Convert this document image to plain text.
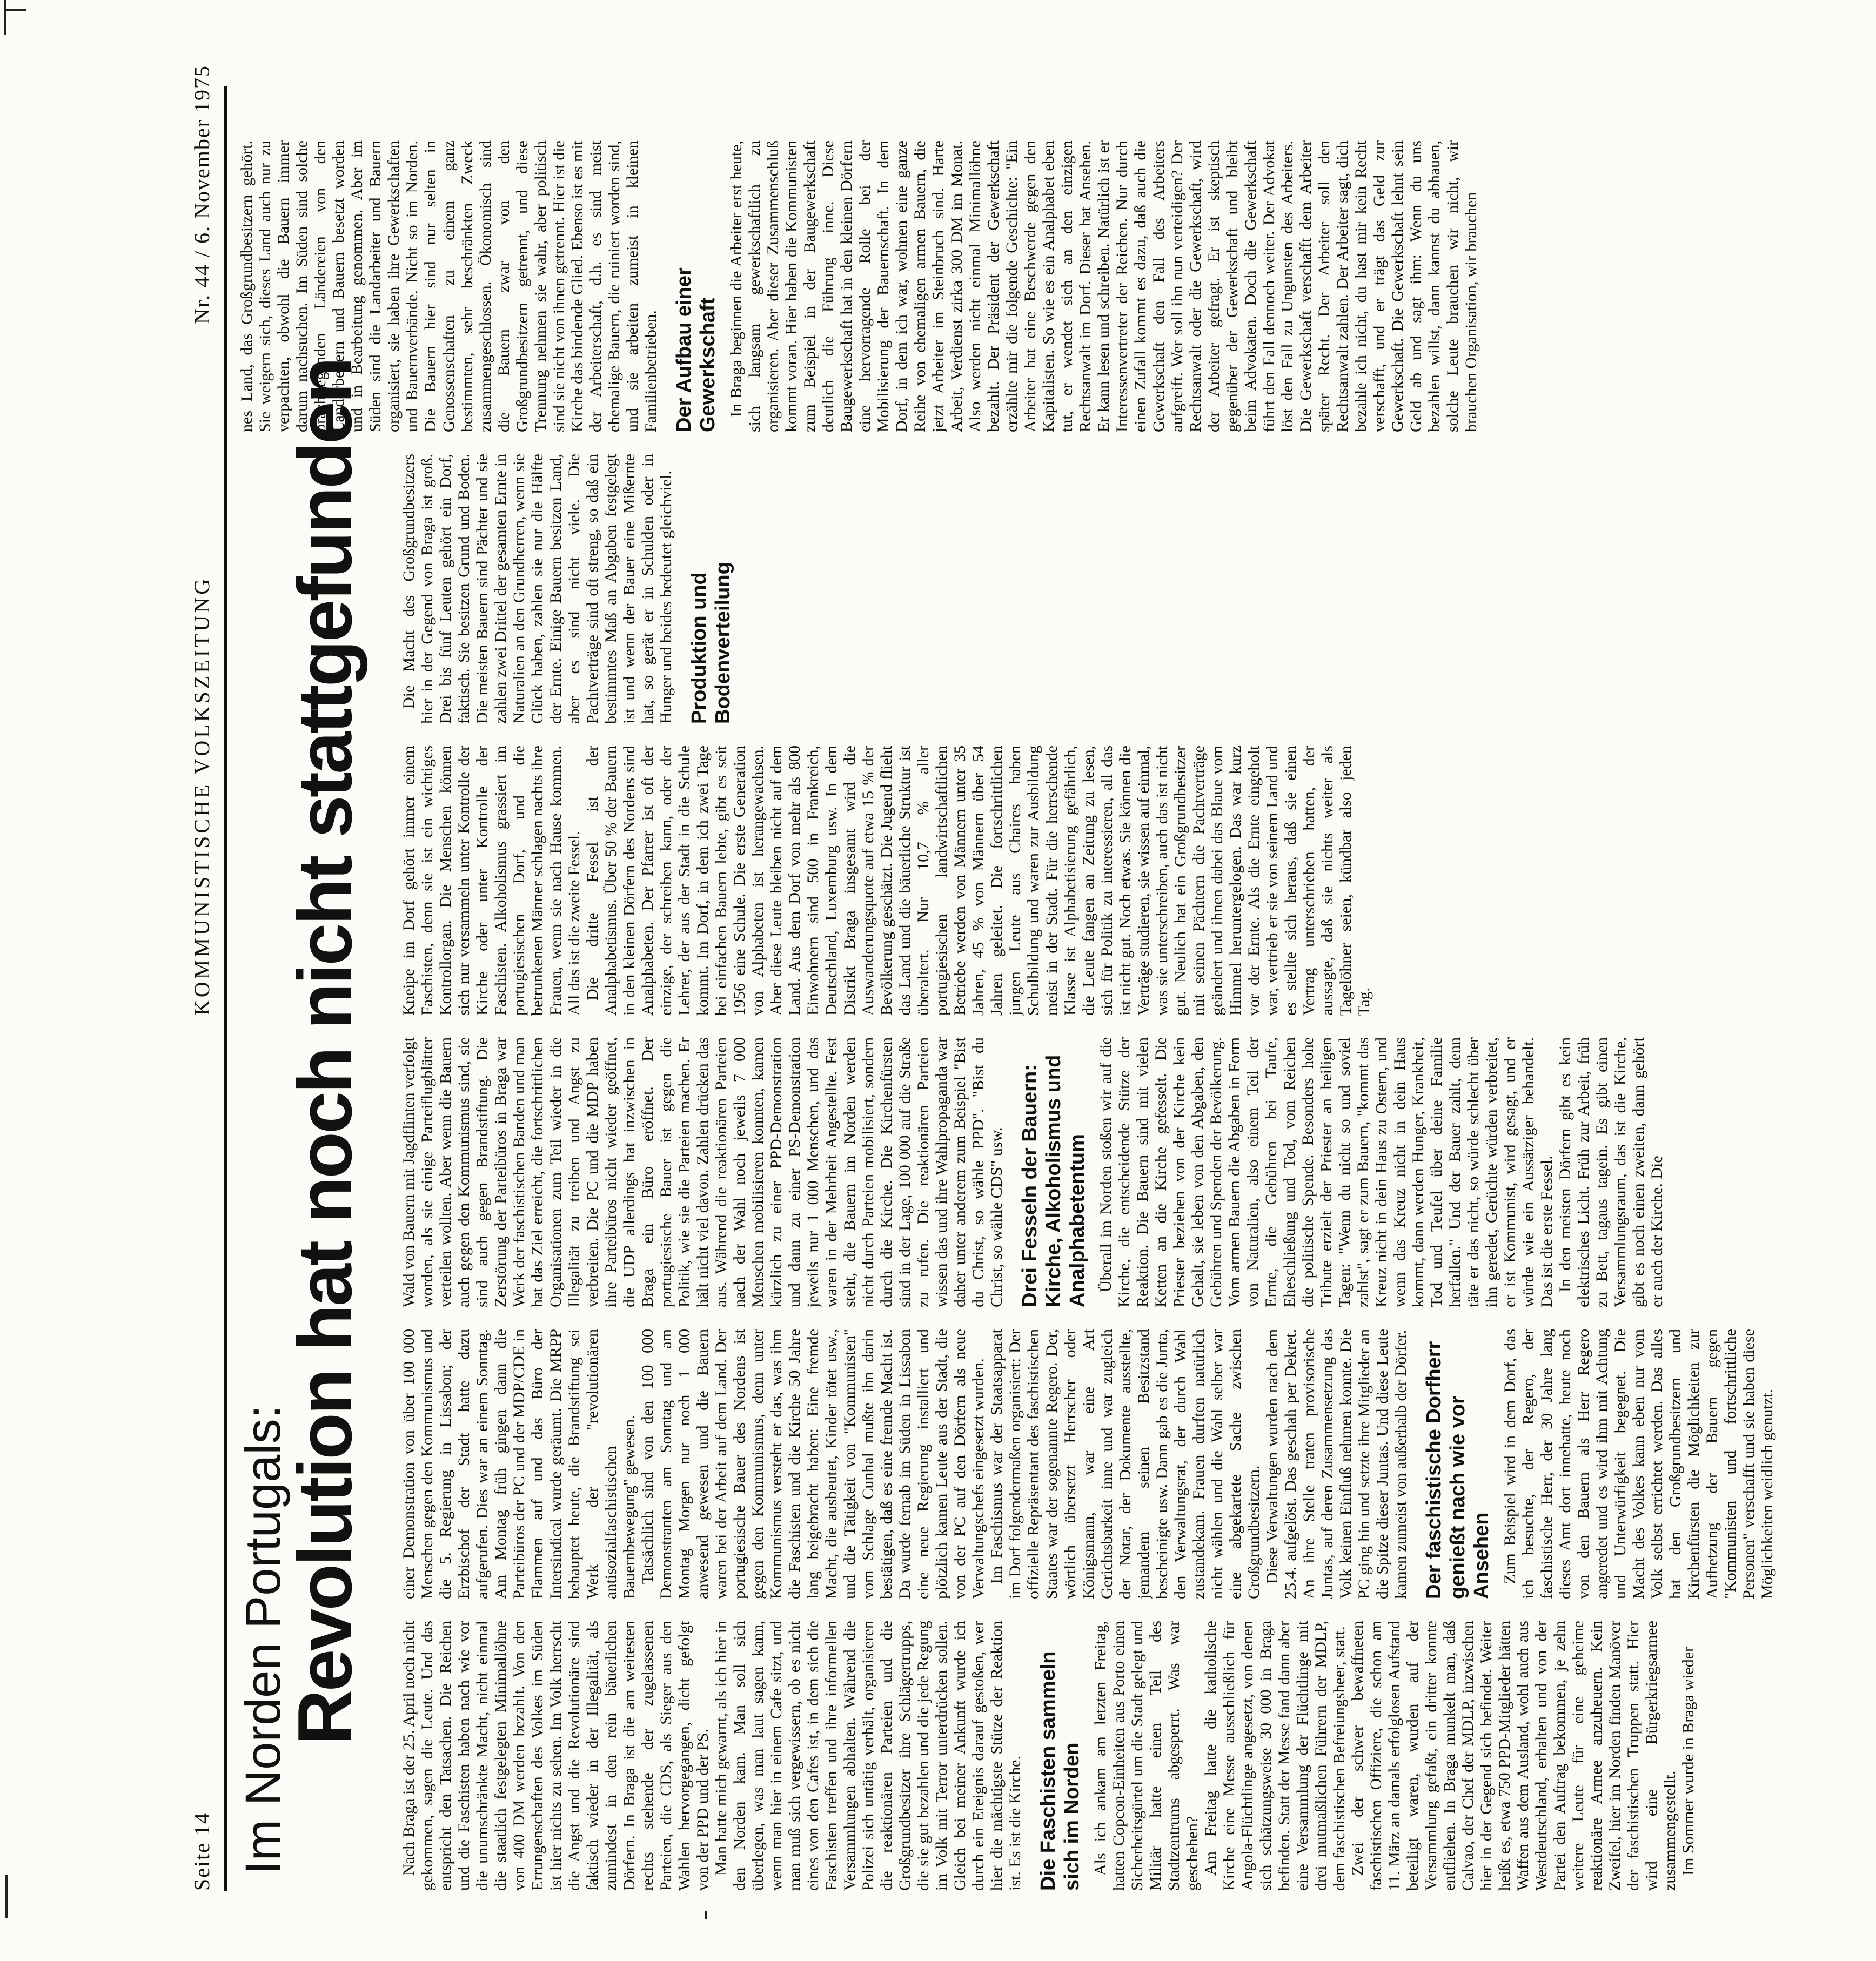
Seite 14
KOMMUNISTISCHE VOLKSZEITUNG
Nr. 44 / 6. November 1975
Im Norden Portugals:
Revolution hat noch nicht stattgefunden

Nach Braga ist der 25. April noch nicht gekommen, sagen die Leute. Und das entspricht den Tatsachen. Die Reichen und die Faschisten haben nach wie vor die unumschränkte Macht, nicht einmal die staatlich festgelegten Minimallöhne von 400 DM werden bezahlt. Von den Errungenschaften des Volkes im Süden ist hier nichts zu sehen. Im Volk herrscht die Angst und die Revolutionäre sind faktisch wieder in der Illegalität, als zumindest in den rein bäuerlichen Dörfern. In Braga ist die am weitesten rechts stehende der zugelassenen Parteien, die CDS, als Sieger aus den Wahlen hervorgegangen, dicht gefolgt von der PPD und der PS. Man hatte mich gewarnt, als ich hier in den Norden kam. Man soll sich überlegen, was man laut sagen kann, wenn man hier in einem Cafe sitzt, und man muß sich vergewissern, ob es nicht eines von den Cafes ist, in dem sich die Faschisten treffen und ihre informellen Versammlungen abhalten. Während die Polizei sich untätig verhält, organisieren die reaktionären Parteien und die Großgrundbesitzer ihre Schlägertrupps, die sie gut bezahlen und die jede Regung im Volk mit Terror unterdrücken sollen. Gleich bei meiner Ankunft wurde ich durch ein Ereignis darauf gestoßen, wer hier die mächtigste Stütze der Reaktion ist. Es ist die Kirche. Die Faschisten sammeln sich im Norden Als ich ankam am letzten Freitag, hatten Copcon-Einheiten aus Porto einen Sicherheitsgürtel um die Stadt gelegt und Militär hatte einen Teil des Stadtzentrums abgesperrt. Was war geschehen? Am Freitag hatte die katholische Kirche eine Messe ausschließlich für Angola-Flüchtlinge angesetzt, von denen sich schätzungsweise 30 000 in Braga befinden. Statt der Messe fand dann aber eine Versammlung der Flüchtlinge mit drei mutmaßlichen Führern der MDLP, dem faschistischen Befreiungsheer, statt. Zwei der schwer bewaffneten faschistischen Offiziere, die schon am 11. März an damals erfolglosen Aufstand beteiligt waren, wurden auf der Versammlung gefaßt, ein dritter konnte entfliehen. In Braga munkelt man, daß Calvao, der Chef der MDLP, inzwischen hier in der Gegend sich befindet. Weiter heißt es, etwa 750 PPD-Mitglieder hätten Waffen aus dem Ausland, wohl auch aus Westdeutschland, erhalten und von der Partei den Auftrag bekommen, je zehn weitere Leute für eine geheime reaktionäre Armee anzuheuern. Kein Zweifel, hier im Norden finden Manöver der faschistischen Truppen statt. Hier wird eine Bürgerkriegsarmee zusammengestellt. Im Sommer wurde in Braga wieder

einer Demonstration von über 100 000 Menschen gegen den Kommunismus und die 5. Regierung in Lissabon; der Erzbischof der Stadt hatte dazu aufgerufen. Dies war an einem Sonntag. Am Montag früh gingen dann die Parteibüros der PC und der MDP/CDE in Flammen auf und das Büro der Intersindical wurde geräumt. Die MRPP behauptet heute, die Brandstiftung sei Werk der "revolutionären antisozialfaschistischen Bauernbewegung" gewesen. Tatsächlich sind von den 100 000 Demonstranten am Sonntag und am Montag Morgen nur noch 1 000 anwesend gewesen und die Bauern waren bei der Arbeit auf dem Land. Der portugiesische Bauer des Nordens ist gegen den Kommunismus, denn unter Kommunismus versteht er das, was ihm die Faschisten und die Kirche 50 Jahre lang beigebracht haben: Eine fremde Macht, die ausbeutet, Kinder tötet usw., und die Tätigkeit von "Kommunisten" vom Schlage Cunhal mußte ihn darin bestätigen, daß es eine fremde Macht ist. Da wurde fernab im Süden in Lissabon eine neue Regierung installiert und plötzlich kamen Leute aus der Stadt, die von der PC auf den Dörfern als neue Verwaltungschefs eingesetzt wurden. Im Faschismus war der Staatsapparat im Dorf folgendermaßen organisiert: Der offizielle Repräsentant des faschistischen Staates war der sogenannte Regero. Der, wörtlich übersetzt Herrscher oder Königsmann, war eine Art Gerichtsbarkeit inne und war zugleich der Notar, der Dokumente ausstellte, jemandem seinen Besitzstand bescheinigte usw. Dann gab es die Junta, den Verwaltungsrat, der durch Wahl zustandekam. Frauen durften natürlich nicht wählen und die Wahl selber war eine abgekartete Sache zwischen Großgrundbesitzern. Diese Verwaltungen wurden nach dem 25.4. aufgelöst. Das geschah per Dekret. An ihre Stelle traten provisorische Juntas, auf deren Zusammensetzung das Volk keinen Einfluß nehmen konnte. Die PC ging hin und setzte ihre Mitglieder an die Spitze dieser Juntas. Und diese Leute kamen zumeist von außerhalb der Dörfer. Der faschistische Dorfherr genießt nach wie vor Ansehen Zum Beispiel wird in dem Dorf, das ich besuchte, der Regero, der faschistische Herr, der 30 Jahre lang dieses Amt dort innehatte, heute noch von den Bauern als Herr Regero angeredet und es wird ihm mit Achtung und Unterwürfigkeit begegnet. Die Macht des Volkes kann eben nur vom Volk selbst errichtet werden. Das alles hat den Großgrundbesitzern und Kirchenfürsten die Möglichkeiten zur Aufhetzung der Bauern gegen "Kommunisten und fortschrittliche Personen" verschafft und sie haben diese Möglichkeiten weidlich genutzt.

Wald von Bauern mit Jagdflinten verfolgt worden, als sie einige Parteiflugblätter verteilen wollten. Aber wenn die Bauern auch gegen den Kommunismus sind, sie sind auch gegen Brandstiftung. Die Zerstörung der Parteibüros in Braga war Werk der faschistischen Banden und man hat das Ziel erreicht, die fortschrittlichen Organisationen zum Teil wieder in die Illegalität zu treiben und Angst zu verbreiten. Die PC und die MDP haben ihre Parteibüros nicht wieder geöffnet, die UDP allerdings hat inzwischen in Braga ein Büro eröffnet. Der portugiesische Bauer ist gegen die Politik, wie sie die Parteien machen. Er hält nicht viel davon. Zahlen drücken das aus. Während die reaktionären Parteien nach der Wahl noch jeweils 7 000 Menschen mobilisieren konnten, kamen kürzlich zu einer PPD-Demonstration und dann zu einer PS-Demonstration jeweils nur 1 000 Menschen, und das waren in der Mehrheit Angestellte. Fest steht, die Bauern im Norden werden nicht durch Parteien mobilisiert, sondern durch die Kirche. Die Kirchenfürsten sind in der Lage, 100 000 auf die Straße zu rufen. Die reaktionären Parteien wissen das und ihre Wahlpropaganda war daher unter anderem zum Beispiel "Bist du Christ, so wähle PPD". "Bist du Christ, so wähle CDS" usw. Drei Fesseln der Bauern: Kirche, Alkoholismus und Analphabetentum Überall im Norden stoßen wir auf die Kirche, die entscheidende Stütze der Reaktion. Die Bauern sind mit vielen Ketten an die Kirche gefesselt. Die Priester beziehen von der Kirche kein Gehalt, sie leben von den Abgaben, den Gebühren und Spenden der Bevölkerung. Vom armen Bauern die Abgaben in Form von Naturalien, also einem Teil der Ernte, die Gebühren bei Taufe, Eheschließung und Tod, vom Reichen die politische Spende. Besonders hohe Tribute erzielt der Priester an heiligen Tagen: "Wenn du nicht so und soviel zahlst", sagt er zum Bauern, "kommt das Kreuz nicht in dein Haus zu Ostern, und wenn das Kreuz nicht in dein Haus kommt, dann werden Hunger, Krankheit, Tod und Teufel über deine Familie herfallen." Und der Bauer zahlt, denn täte er das nicht, so würde schlecht über ihn geredet, Gerüchte würden verbreitet, er ist Kommunist, wird gesagt, und er würde wie ein Aussätziger behandelt. Das ist die erste Fessel. In den meisten Dörfern gibt es kein elektrisches Licht. Früh zur Arbeit, früh zu Bett, tagaus tagein. Es gibt einen Versammlungsraum, das ist die Kirche, gibt es noch einen zweiten, dann gehört er auch der Kirche. Die

Kneipe im Dorf gehört immer einem Faschisten, denn sie ist ein wichtiges Kontrollorgan. Die Menschen können sich nur versammeln unter Kontrolle der Kirche oder unter Kontrolle der Faschisten. Alkoholismus grassiert im portugiesischen Dorf, und die betrunkenen Männer schlagen nachts ihre Frauen, wenn sie nach Hause kommen. All das ist die zweite Fessel. Die dritte Fessel ist der Analphabetismus. Über 50 % der Bauern in den kleinen Dörfern des Nordens sind Analphabeten. Der Pfarrer ist oft der einzige, der schreiben kann, oder der Lehrer, der aus der Stadt in die Schule kommt. Im Dorf, in dem ich zwei Tage bei einfachen Bauern lebte, gibt es seit 1956 eine Schule. Die erste Generation von Alphabeten ist herangewachsen. Aber diese Leute bleiben nicht auf dem Land. Aus dem Dorf von mehr als 800 Einwohnern sind 500 in Frankreich, Deutschland, Luxemburg usw. In dem Distrikt Braga insgesamt wird die Auswanderungsquote auf etwa 15 % der Bevölkerung geschätzt. Die Jugend flieht das Land und die bäuerliche Struktur ist überaltert. Nur 10,7 % aller portugiesischen landwirtschaftlichen Betriebe werden von Männern unter 35 Jahren, 45 % von Männern über 54 Jahren geleitet. Die fortschrittlichen jungen Leute aus Chaires haben Schulbildung und waren zur Ausbildung meist in der Stadt. Für die herrschende Klasse ist Alphabetisierung gefährlich, die Leute fangen an Zeitung zu lesen, sich für Politik zu interessieren, all das ist nicht gut. Noch etwas. Sie können die Verträge studieren, sie wissen auf einmal, was sie unterschreiben, auch das ist nicht gut. Neulich hat ein Großgrundbesitzer mit seinen Pächtern die Pachtverträge geändert und ihnen dabei das Blaue vom Himmel heruntergelogen. Das war kurz vor der Ernte. Als die Ernte eingeholt war, vertrieb er sie von seinem Land und es stellte sich heraus, daß sie einen Vertrag unterschrieben hatten, der aussagte, daß sie nichts weiter als Tagelöhner seien, kündbar also jeden Tag.

Die Macht des Großgrundbesitzers hier in der Gegend von Braga ist groß. Drei bis fünf Leuten gehört ein Dorf, faktisch. Sie besitzen Grund und Boden. Die meisten Bauern sind Pächter und sie zahlen zwei Drittel der gesamten Ernte in Naturalien an den Grundherren, wenn sie Glück haben, zahlen sie nur die Hälfte der Ernte. Einige Bauern besitzen Land, aber es sind nicht viele. Die Pachtverträge sind oft streng, so daß ein bestimmtes Maß an Abgaben festgelegt ist und wenn der Bauer eine Mißernte hat, so gerät er in Schulden oder in Hunger und beides bedeutet gleichviel. Produktion und Bodenverteilung

nes Land, das Großgrundbesitzern gehört. Sie weigern sich, dieses Land auch nur zu verpachten, obwohl die Bauern immer darum nachsuchen. Im Süden sind solche brachliegenden Ländereien von den Landarbeitern und Bauern besetzt worden und in Bearbeitung genommen. Aber im Süden sind die Landarbeiter und Bauern organisiert, sie haben ihre Gewerkschaften und Bauernverbände. Nicht so im Norden. Die Bauern hier sind nur selten in Genossenschaften zu einem ganz bestimmten, sehr beschränkten Zweck zusammengeschlossen. Ökonomisch sind die Bauern zwar von den Großgrundbesitzern getrennt, und diese Trennung nehmen sie wahr, aber politisch sind sie nicht von ihnen getrennt. Hier ist die Kirche das bindende Glied. Ebenso ist es mit der Arbeiterschaft, d.h. es sind meist ehemalige Bauern, die ruiniert worden sind, und sie arbeiten zumeist in kleinen Familienbetrieben. Der Aufbau einer Gewerkschaft In Braga beginnen die Arbeiter erst heute, sich langsam gewerkschaftlich zu organisieren. Aber dieser Zusammenschluß kommt voran. Hier haben die Kommunisten zum Beispiel in der Baugewerkschaft deutlich die Führung inne. Diese Baugewerkschaft hat in den kleinen Dörfern eine hervorragende Rolle bei der Mobilisierung der Bauernschaft. In dem Dorf, in dem ich war, wohnen eine ganze Reihe von ehemaligen armen Bauern, die jetzt Arbeiter im Steinbruch sind. Harte Arbeit, Verdienst zirka 300 DM im Monat. Also werden nicht einmal Minimallöhne bezahlt. Der Präsident der Gewerkschaft erzählte mir die folgende Geschichte: "Ein Arbeiter hat eine Beschwerde gegen den Kapitalisten. So wie es ein Analphabet eben tut, er wendet sich an den einzigen Rechtsanwalt im Dorf. Dieser hat Ansehen. Er kann lesen und schreiben. Natürlich ist er Interessenvertreter der Reichen. Nur durch einen Zufall kommt es dazu, daß auch die Gewerkschaft den Fall des Arbeiters aufgreift. Wer soll ihn nun verteidigen? Der Rechtsanwalt oder die Gewerkschaft, wird der Arbeiter gefragt. Er ist skeptisch gegenüber der Gewerkschaft und bleibt beim Advokaten. Doch die Gewerkschaft führt den Fall dennoch weiter. Der Advokat löst den Fall zu Ungunsten des Arbeiters. Die Gewerkschaft verschafft dem Arbeiter später Recht. Der Arbeiter soll den Rechtsanwalt zahlen. Der Arbeiter sagt, dich bezahle ich nicht, du hast mir kein Recht verschafft, und er trägt das Geld zur Gewerkschaft. Die Gewerkschaft lehnt sein Geld ab und sagt ihm: Wenn du uns bezahlen willst, dann kannst du abhauen, solche Leute brauchen wir nicht, wir brauchen Organisation, wir brauchen
